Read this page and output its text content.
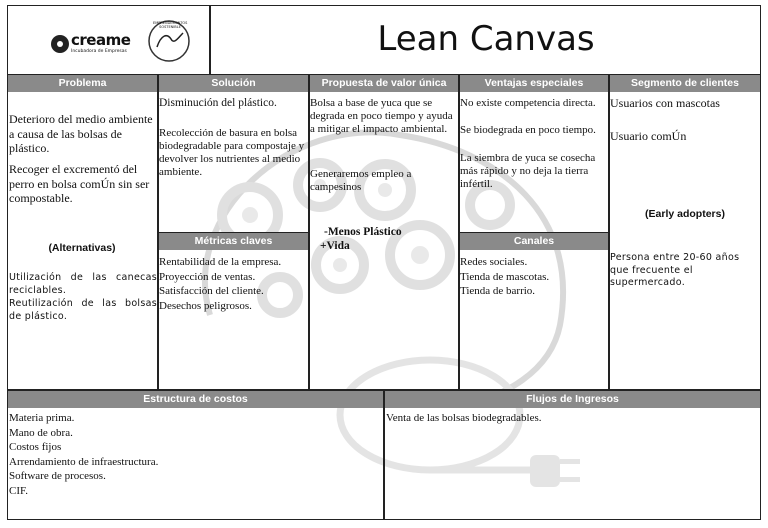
creame
Incubadora de Empresas
EMPRENDIMIENTOS SOSTENIBLE	Lean Canvas
Problema	Solución	Propuesta de valor única	Ventajas especiales	Segmento de clientes
Métricas claves	Canales
Estructura de costos	Flujos de Ingresos
Deterioro del medio ambiente a causa de las bolsas de plástico.
Recoger el excrementó del perro en bolsa comÚn sin ser compostable.
(Alternativas)
Utilización de las canecas reciclables.
Reutilización de las bolsas de plástico.
Disminución del plástico.
Recolección de basura en bolsa biodegradable para compostaje y devolver los nutrientes al medio ambiente.
Bolsa a base de yuca que se degrada en poco tiempo y ayuda a mitigar el impacto ambiental.
Generaremos empleo a campesinos
-Menos Plástico
+Vida
No existe competencia directa.
Se biodegrada en poco tiempo.
La siembra de yuca se cosecha más rápido y no deja la tierra infértil.
Usuarios con mascotas
Usuario comÚn
(Early adopters)
Persona entre 20-60 años que frecuente el supermercado.
Rentabilidad de la empresa.
Proyección de ventas.
Satisfacción del cliente.
Desechos peligrosos.
Redes sociales.
Tienda de mascotas.
Tienda de barrio.
Materia prima.
Mano de obra.
Costos fijos
Arrendamiento de infraestructura.
Software de procesos.
CIF.
Venta de las bolsas biodegradables.
